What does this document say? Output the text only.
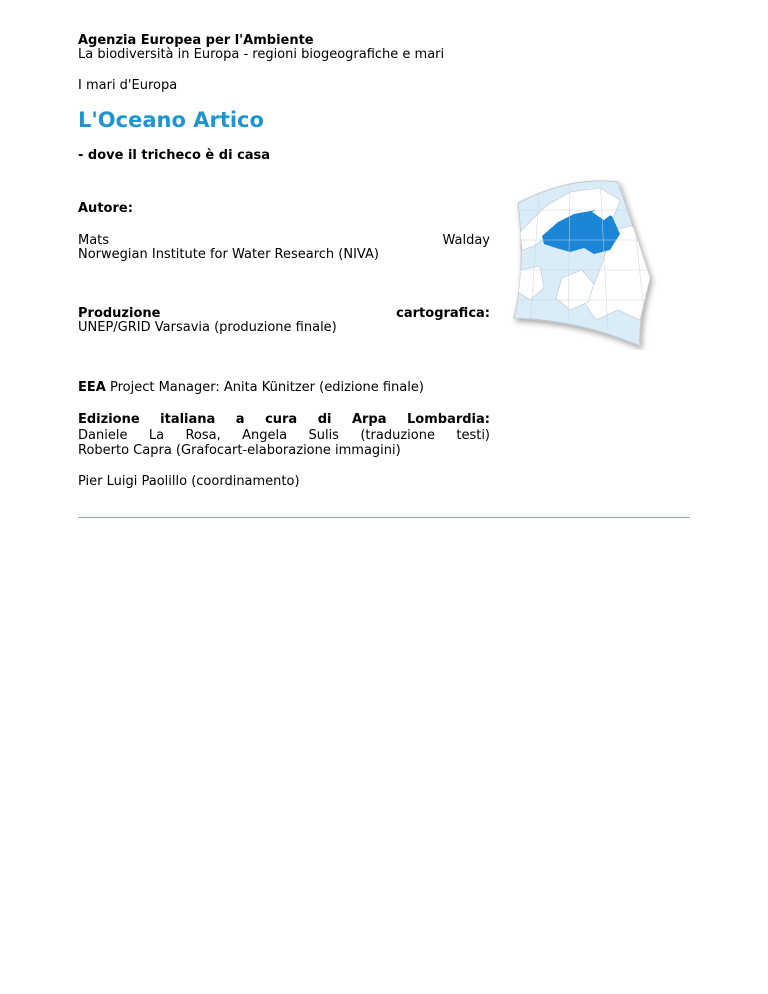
Agenzia Europea per l'Ambiente
La biodiversità in Europa - regioni biogeografiche e mari
I mari d'Europa
L'Oceano Artico
- dove il tricheco è di casa
Autore:
Mats	Walday
Norwegian Institute for Water Research (NIVA)
Produzione	cartografica:
UNEP/GRID Varsavia (produzione finale)
EEA Project Manager: Anita Künitzer (edizione finale)
Edizione italiana a cura di Arpa Lombardia:
Daniele La Rosa, Angela Sulis (traduzione testi)
Roberto Capra (Grafocart-elaborazione immagini)
Pier Luigi Paolillo (coordinamento)
